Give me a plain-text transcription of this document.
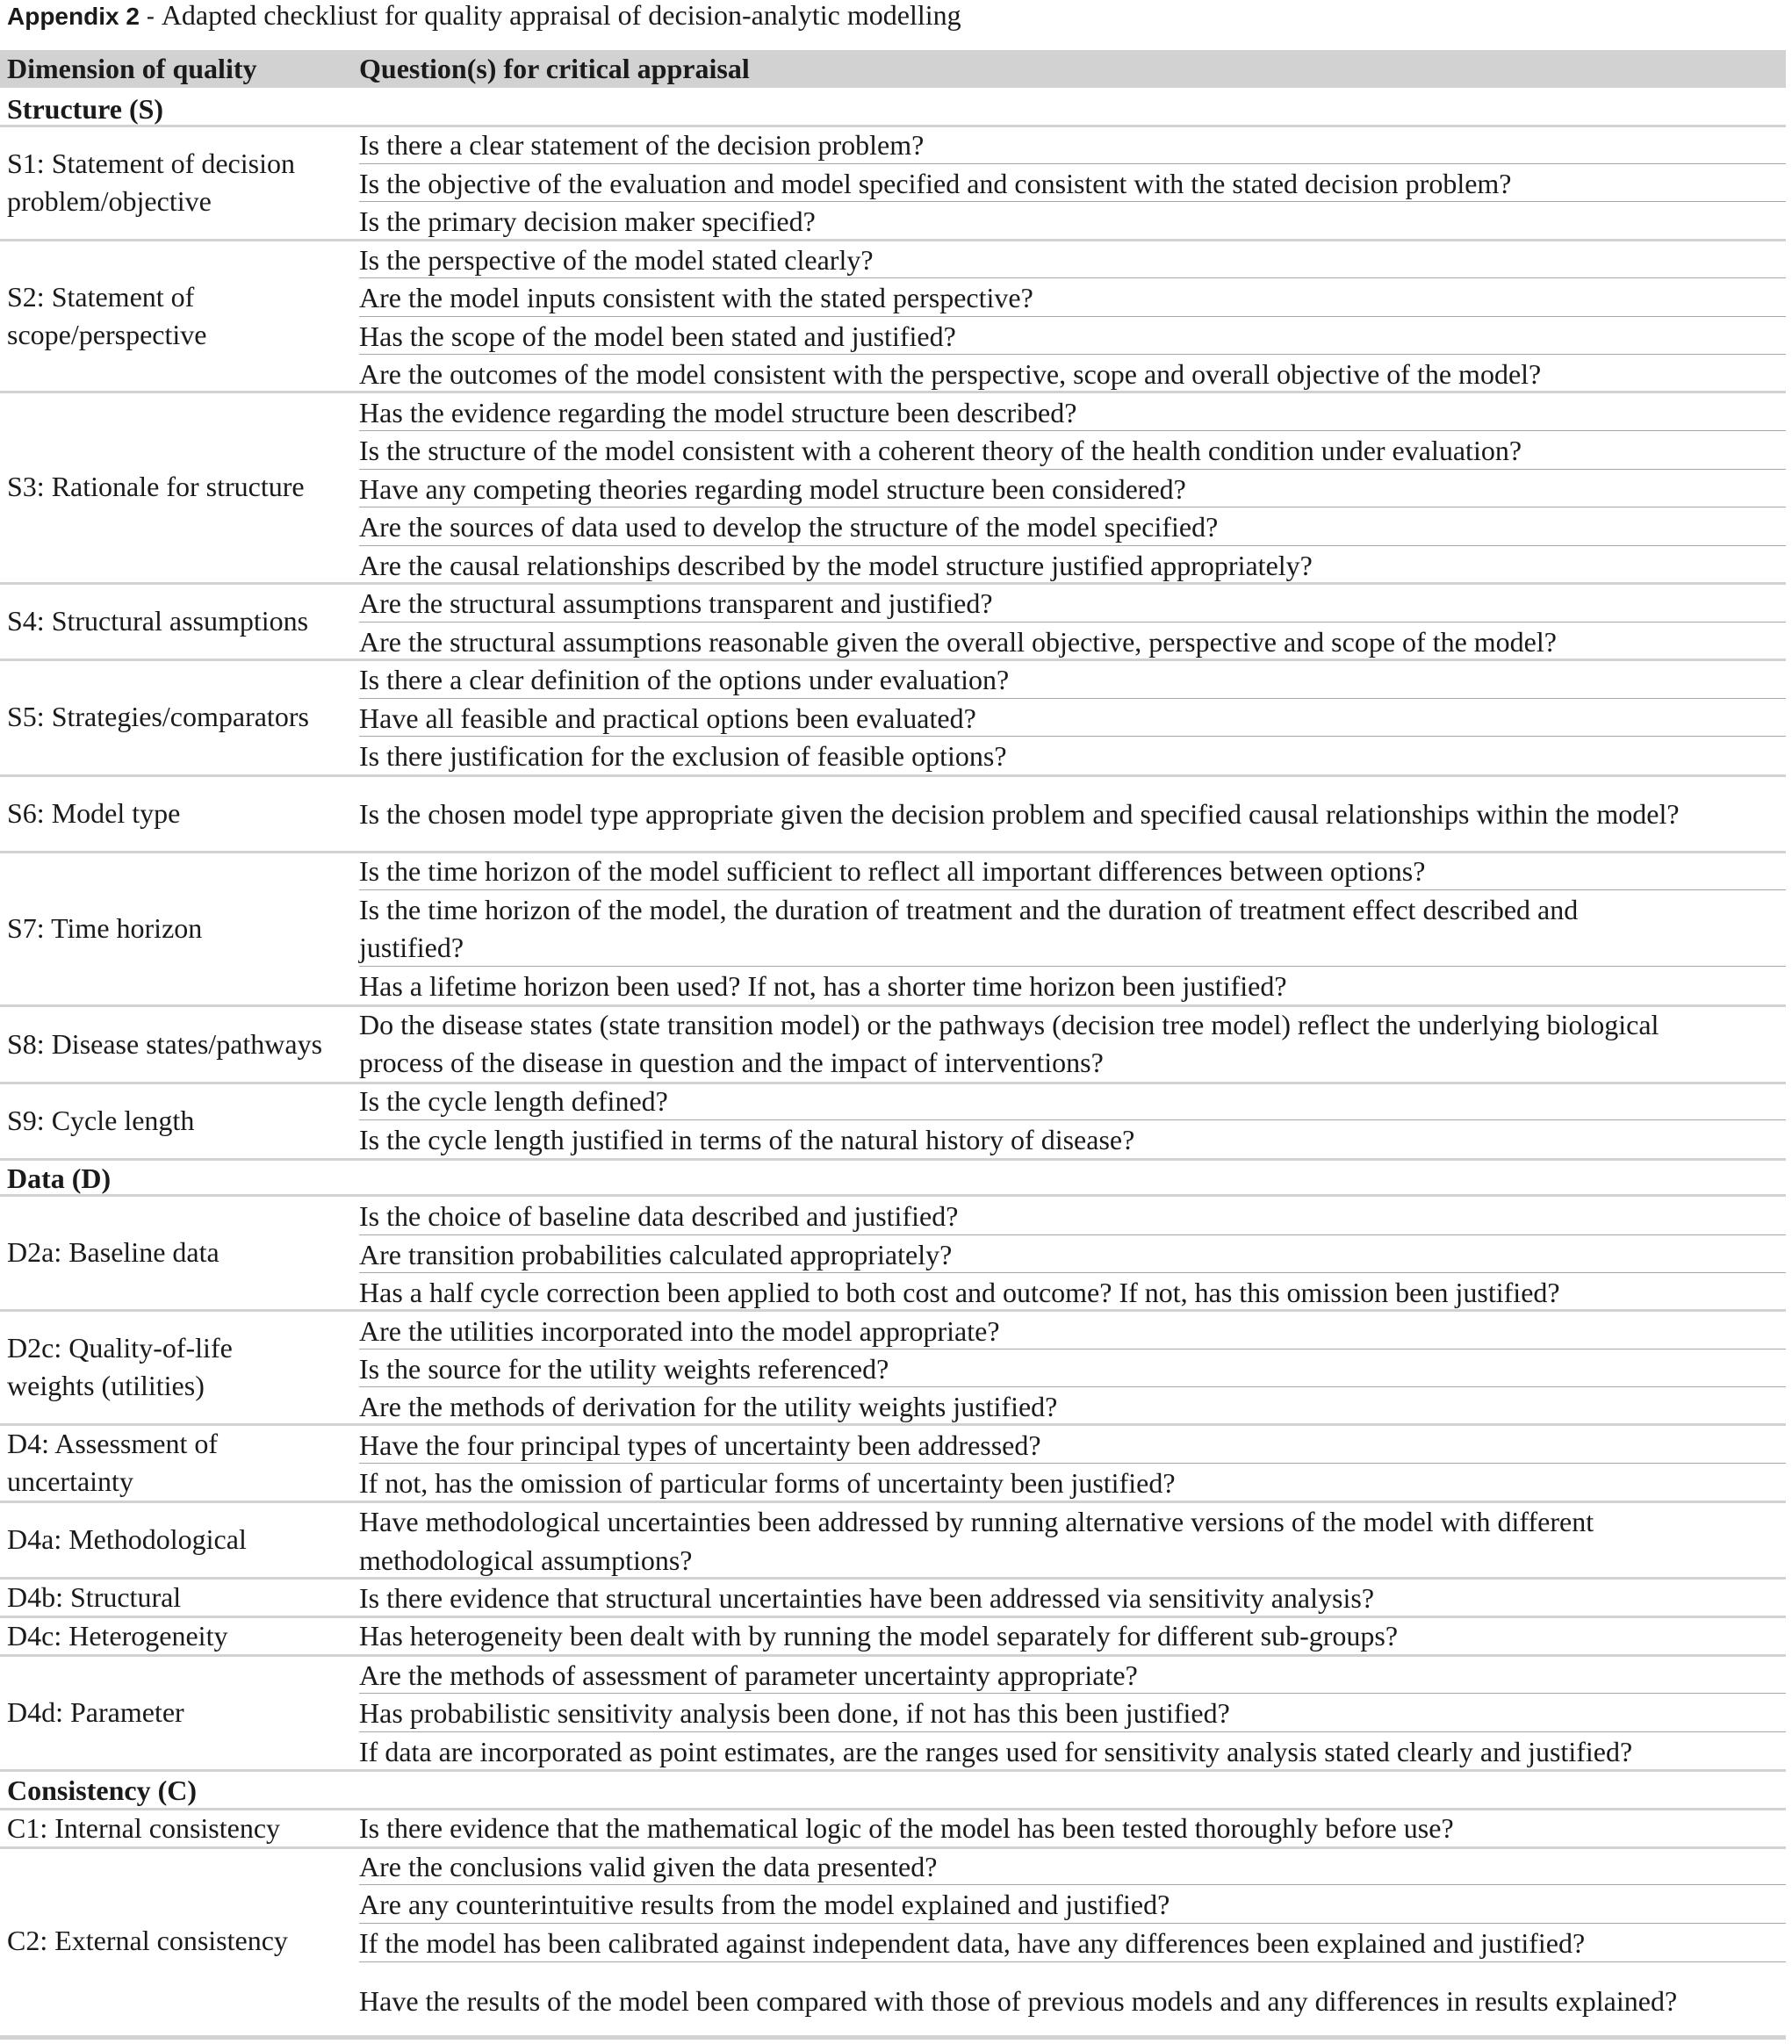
Appendix 2 - Adapted checkliust for quality appraisal of decision-analytic modelling
Dimension of quality	Question(s) for critical appraisal
Structure (S)
Data (D)
Consistency (C)
S1: Statement of decision
problem/objective
S2: Statement of
scope/perspective
S3: Rationale for structure
S4: Structural assumptions
S5: Strategies/comparators
S6: Model type
S7: Time horizon
S8: Disease states/pathways
S9: Cycle length
D2a: Baseline data
D2c: Quality-of-life
weights (utilities)
D4: Assessment of
uncertainty
D4a: Methodological
D4b: Structural
D4c: Heterogeneity
D4d: Parameter
C1: Internal consistency
C2: External consistency
Is there a clear statement of the decision problem?
Is the objective of the evaluation and model specified and consistent with the stated decision problem?
Is the primary decision maker specified?
Is the perspective of the model stated clearly?
Are the model inputs consistent with the stated perspective?
Has the scope of the model been stated and justified?
Are the outcomes of the model consistent with the perspective, scope and overall objective of the model?
Has the evidence regarding the model structure been described?
Is the structure of the model consistent with a coherent theory of the health condition under evaluation?
Have any competing theories regarding model structure been considered?
Are the sources of data used to develop the structure of the model specified?
Are the causal relationships described by the model structure justified appropriately?
Are the structural assumptions transparent and justified?
Are the structural assumptions reasonable given the overall objective, perspective and scope of the model?
Is there a clear definition of the options under evaluation?
Have all feasible and practical options been evaluated?
Is there justification for the exclusion of feasible options?
Is the chosen model type appropriate given the decision problem and specified causal relationships within the model?
Is the time horizon of the model sufficient to reflect all important differences between options?
Is the time horizon of the model, the duration of treatment and the duration of treatment effect described and
justified?
Has a lifetime horizon been used? If not, has a shorter time horizon been justified?
Do the disease states (state transition model) or the pathways (decision tree model) reflect the underlying biological
process of the disease in question and the impact of interventions?
Is the cycle length defined?
Is the cycle length justified in terms of the natural history of disease?
Is the choice of baseline data described and justified?
Are transition probabilities calculated appropriately?
Has a half cycle correction been applied to both cost and outcome? If not, has this omission been justified?
Are the utilities incorporated into the model appropriate?
Is the source for the utility weights referenced?
Are the methods of derivation for the utility weights justified?
Have the four principal types of uncertainty been addressed?
If not, has the omission of particular forms of uncertainty been justified?
Have methodological uncertainties been addressed by running alternative versions of the model with different
methodological assumptions?
Is there evidence that structural uncertainties have been addressed via sensitivity analysis?
Has heterogeneity been dealt with by running the model separately for different sub-groups?
Are the methods of assessment of parameter uncertainty appropriate?
Has probabilistic sensitivity analysis been done, if not has this been justified?
If data are incorporated as point estimates, are the ranges used for sensitivity analysis stated clearly and justified?
Is there evidence that the mathematical logic of the model has been tested thoroughly before use?
Are the conclusions valid given the data presented?
Are any counterintuitive results from the model explained and justified?
If the model has been calibrated against independent data, have any differences been explained and justified?
Have the results of the model been compared with those of previous models and any differences in results explained?
